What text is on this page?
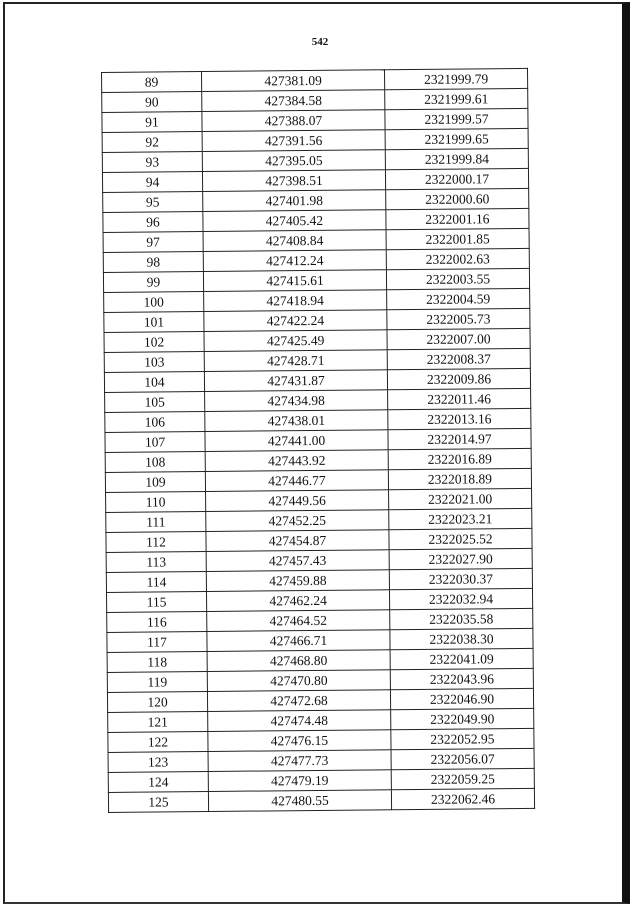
542
89	427381.09	2321999.79
90	427384.58	2321999.61
91	427388.07	2321999.57
92	427391.56	2321999.65
93	427395.05	2321999.84
94	427398.51	2322000.17
95	427401.98	2322000.60
96	427405.42	2322001.16
97	427408.84	2322001.85
98	427412.24	2322002.63
99	427415.61	2322003.55
100	427418.94	2322004.59
101	427422.24	2322005.73
102	427425.49	2322007.00
103	427428.71	2322008.37
104	427431.87	2322009.86
105	427434.98	2322011.46
106	427438.01	2322013.16
107	427441.00	2322014.97
108	427443.92	2322016.89
109	427446.77	2322018.89
110	427449.56	2322021.00
111	427452.25	2322023.21
112	427454.87	2322025.52
113	427457.43	2322027.90
114	427459.88	2322030.37
115	427462.24	2322032.94
116	427464.52	2322035.58
117	427466.71	2322038.30
118	427468.80	2322041.09
119	427470.80	2322043.96
120	427472.68	2322046.90
121	427474.48	2322049.90
122	427476.15	2322052.95
123	427477.73	2322056.07
124	427479.19	2322059.25
125	427480.55	2322062.46
